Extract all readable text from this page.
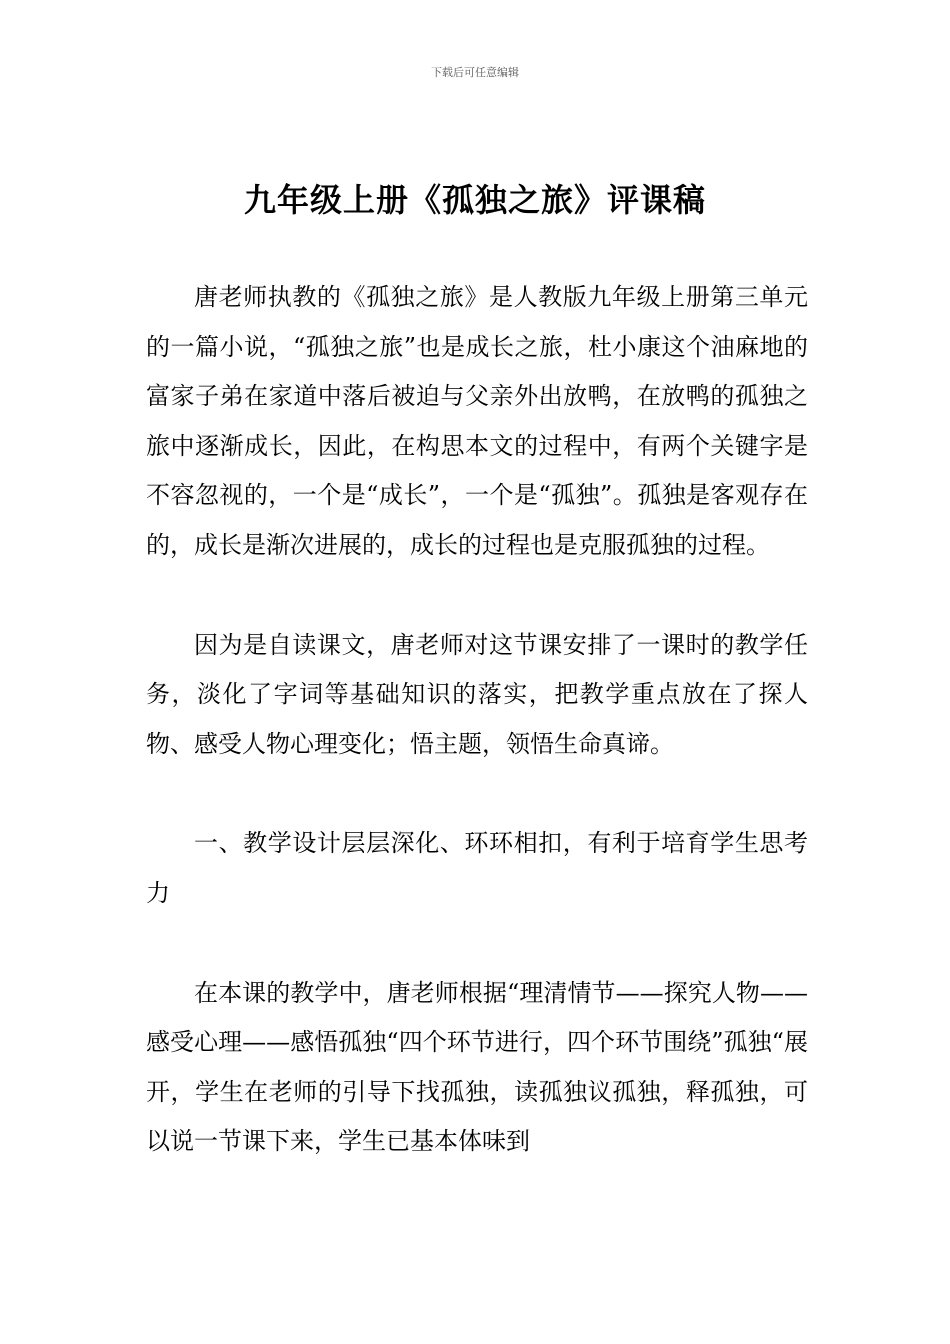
下载后可任意编辑
九年级上册《孤独之旅》评课稿

唐老师执教的《孤独之旅》是人教版九年级上册第三单元的一篇小说，“孤独之旅”也是成长之旅，杜小康这个油麻地的富家子弟在家道中落后被迫与父亲外出放鸭，在放鸭的孤独之旅中逐渐成长，因此，在构思本文的过程中，有两个关键字是不容忽视的，一个是“成长”，一个是“孤独”。孤独是客观存在的，成长是渐次进展的，成长的过程也是克服孤独的过程。

因为是自读课文，唐老师对这节课安排了一课时的教学任务，淡化了字词等基础知识的落实，把教学重点放在了探人物、感受人物心理变化；悟主题，领悟生命真谛。

一、教学设计层层深化、环环相扣，有利于培育学生思考力

在本课的教学中，唐老师根据“理清情节——探究人物——感受心理——感悟孤独“四个环节进行，四个环节围绕”孤独“展开，学生在老师的引导下找孤独，读孤独议孤独，释孤独，可以说一节课下来，学生已基本体味到
